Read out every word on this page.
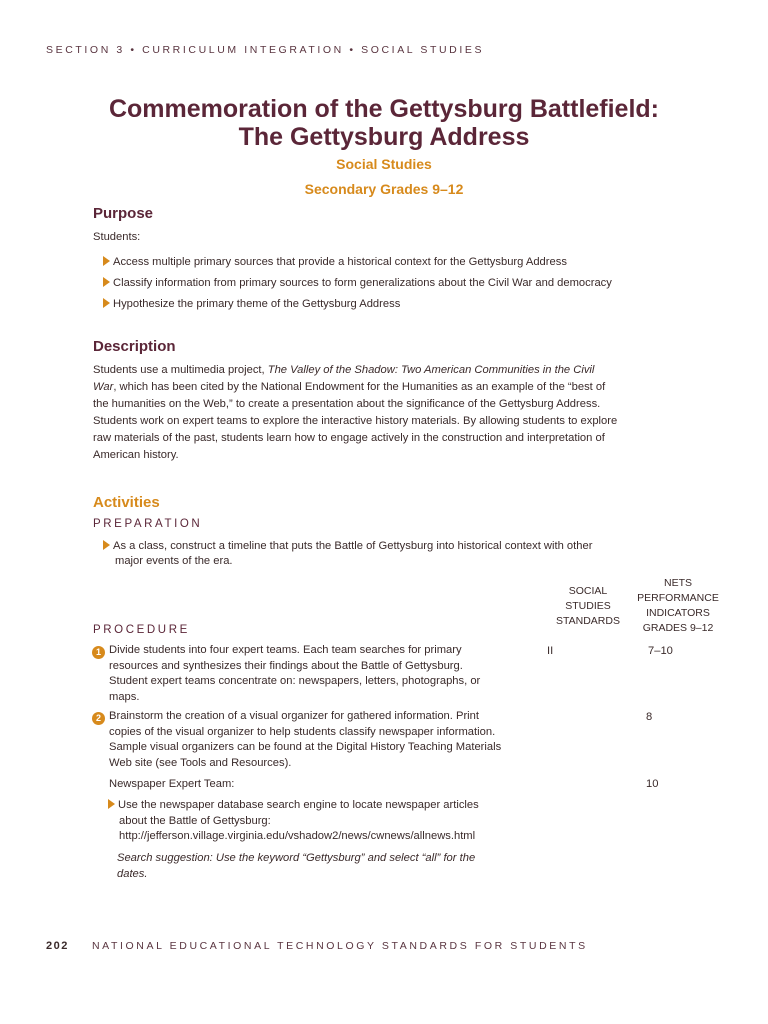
SECTION 3 • CURRICULUM INTEGRATION • SOCIAL STUDIES
Commemoration of the Gettysburg Battlefield:
The Gettysburg Address
Social Studies
Secondary Grades 9–12
Purpose
Students:
Access multiple primary sources that provide a historical context for the Gettysburg Address
Classify information from primary sources to form generalizations about the Civil War and democracy
Hypothesize the primary theme of the Gettysburg Address
Description
Students use a multimedia project, The Valley of the Shadow: Two American Communities in the Civil
War, which has been cited by the National Endowment for the Humanities as an example of the “best of
the humanities on the Web,” to create a presentation about the significance of the Gettysburg Address.
Students work on expert teams to explore the interactive history materials. By allowing students to explore
raw materials of the past, students learn how to engage actively in the construction and interpretation of
American history.
Activities
PREPARATION
As a class, construct a timeline that puts the Battle of Gettysburg into historical context with other
major events of the era.
SOCIAL
STUDIES
STANDARDS
NETS
PERFORMANCE
INDICATORS
GRADES 9–12
PROCEDURE
1 Divide students into four expert teams. Each team searches for primary
resources and synthesizes their findings about the Battle of Gettysburg.
Student expert teams concentrate on: newspapers, letters, photographs, or
maps.
II	7–10
2 Brainstorm the creation of a visual organizer for gathered information. Print
copies of the visual organizer to help students classify newspaper information.
Sample visual organizers can be found at the Digital History Teaching Materials
Web site (see Tools and Resources).
8
Newspaper Expert Team:	10
Use the newspaper database search engine to locate newspaper articles
about the Battle of Gettysburg:
http://jefferson.village.virginia.edu/vshadow2/news/cwnews/allnews.html
Search suggestion: Use the keyword “Gettysburg” and select “all” for the
dates.
202 NATIONAL EDUCATIONAL TECHNOLOGY STANDARDS FOR STUDENTS
